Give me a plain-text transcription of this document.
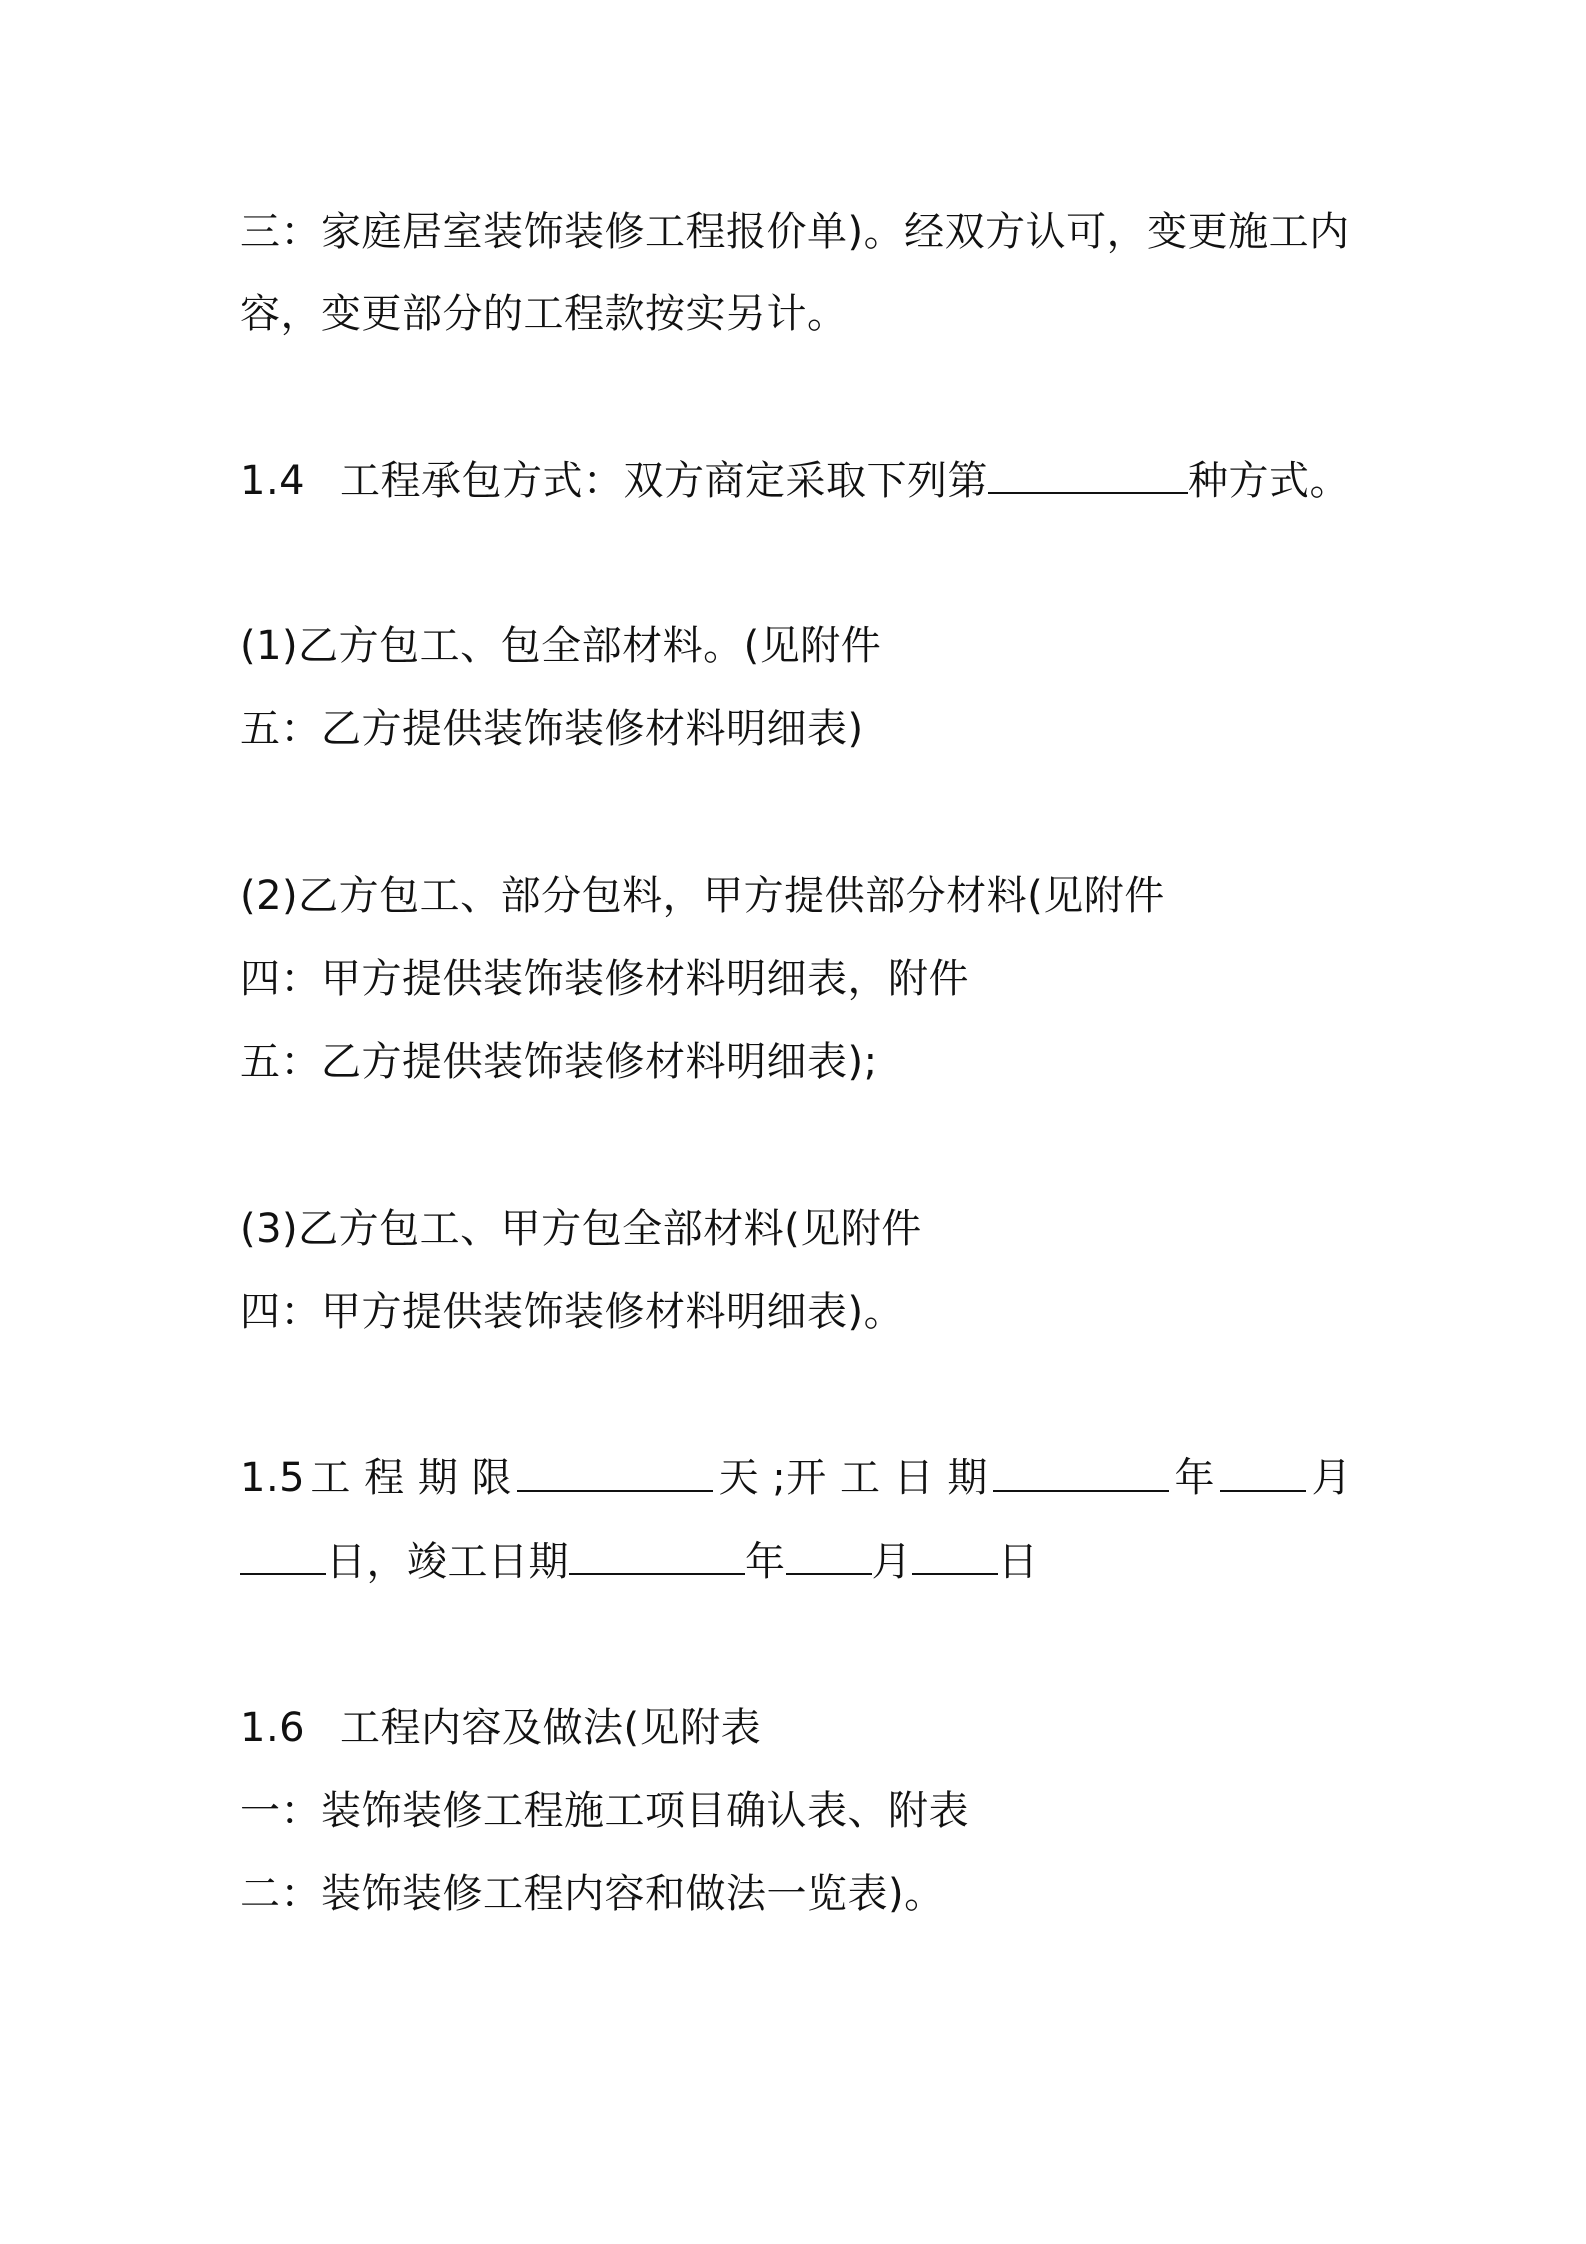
三：家庭居室装饰装修工程报价单)。经双方认可，变更施工内
容，变更部分的工程款按实另计。
1.4 工程承包方式：双方商定采取下列第	种方式。
(1)乙方包工、包全部材料。(见附件
五：乙方提供装饰装修材料明细表)
(2)乙方包工、部分包料，甲方提供部分材料(见附件
四：甲方提供装饰装修材料明细表，附件
五：乙方提供装饰装修材料明细表);
(3)乙方包工、甲方包全部材料(见附件
四：甲方提供装饰装修材料明细表)。
1.5 工 程 期 限	天 ;开 工 日 期	年 月
日，竣工日期	年 月 日
1.6 工程内容及做法(见附表
一：装饰装修工程施工项目确认表、附表
二：装饰装修工程内容和做法一览表)。
